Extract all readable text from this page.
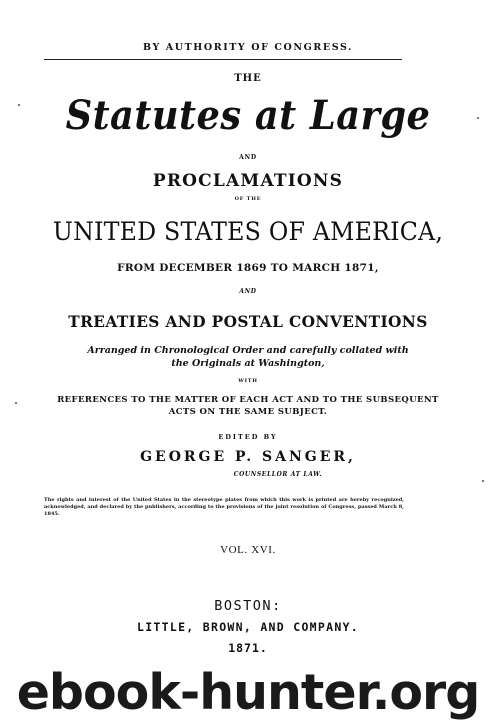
BY AUTHORITY OF CONGRESS.
THE
Statutes at Large
AND
PROCLAMATIONS
OF THE
UNITED STATES OF AMERICA,
FROM DECEMBER 1869 TO MARCH 1871,
AND
TREATIES AND POSTAL CONVENTIONS
Arranged in Chronological Order and carefully collated with
the Originals at Washington,
WITH
REFERENCES TO THE MATTER OF EACH ACT AND TO THE SUBSEQUENT
ACTS ON THE SAME SUBJECT.
EDITED BY
GEORGE P. SANGER,
COUNSELLOR AT LAW.
The rights and interest of the United States in the stereotype plates from which this work is printed are hereby recognized, acknowledged, and declared by the publishers, according to the provisions of the joint resolution of Congress, passed March 8, 1845.
VOL. XVI.
BOSTON:
LITTLE, BROWN, AND COMPANY.
1871.
ebook-hunter.org
